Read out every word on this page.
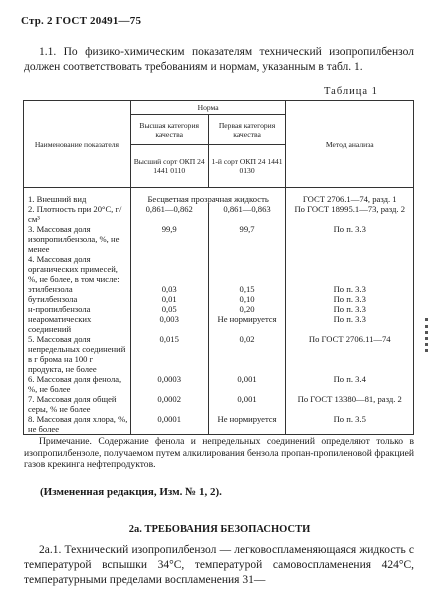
Стр. 2 ГОСТ 20491—75
1.1. По физико-химическим показателям технический изопропилбензол должен соответствовать требованиям и нормам, указанным в табл. 1.
Таблица 1
Наименование показателя	Норма		Метод анализа
	Высшая категория качества	Первая категория качества	
	Высший сорт ОКП 24 1441 0110	1-й сорт ОКП 24 1441 0130	
1. Внешний вид	Бесцветная прозрачная жидкость		ГОСТ 2706.1—74, разд. 1
2. Плотность при 20°С, г/см³	0,861—0,862	0,861—0,863	По ГОСТ 18995.1—73, разд. 2
3. Массовая доля изопропилбензола, %, не менее	99,9	99,7	По п. 3.3
4. Массовая доля органических примесей, %, не более, в том числе:			
этилбензола	0,03	0,15	По п. 3.3
бутилбензола	0,01	0,10	По п. 3.3
н-пропилбензола	0,05	0,20	По п. 3.3
неароматических соединений	0,003	Не нормируется	По п. 3.3
5. Массовая доля непредельных соединений в г брома на 100 г продукта, не более	0,015	0,02	По ГОСТ 2706.11—74
6. Массовая доля фенола, %, не более	0,0003	0,001	По п. 3.4
7. Массовая доля общей серы, % не более	0,0002	0,001	По ГОСТ 13380—81, разд. 2
8. Массовая доля хлора, %, не более	0,0001	Не нормируется	По п. 3.5
Примечание. Содержание фенола и непредельных соединений определяют только в изопропилбензоле, получаемом путем алкилирования бензола пропан-пропиленовой фракцией газов крекинга нефтепродуктов.
(Измененная редакция, Изм. № 1, 2).
2а. ТРЕБОВАНИЯ БЕЗОПАСНОСТИ
2а.1. Технический изопропилбензол — легковоспламеняющаяся жидкость с температурой вспышки 34°С, температурой самовоспламенения 424°С, температурными пределами воспламенения 31—
